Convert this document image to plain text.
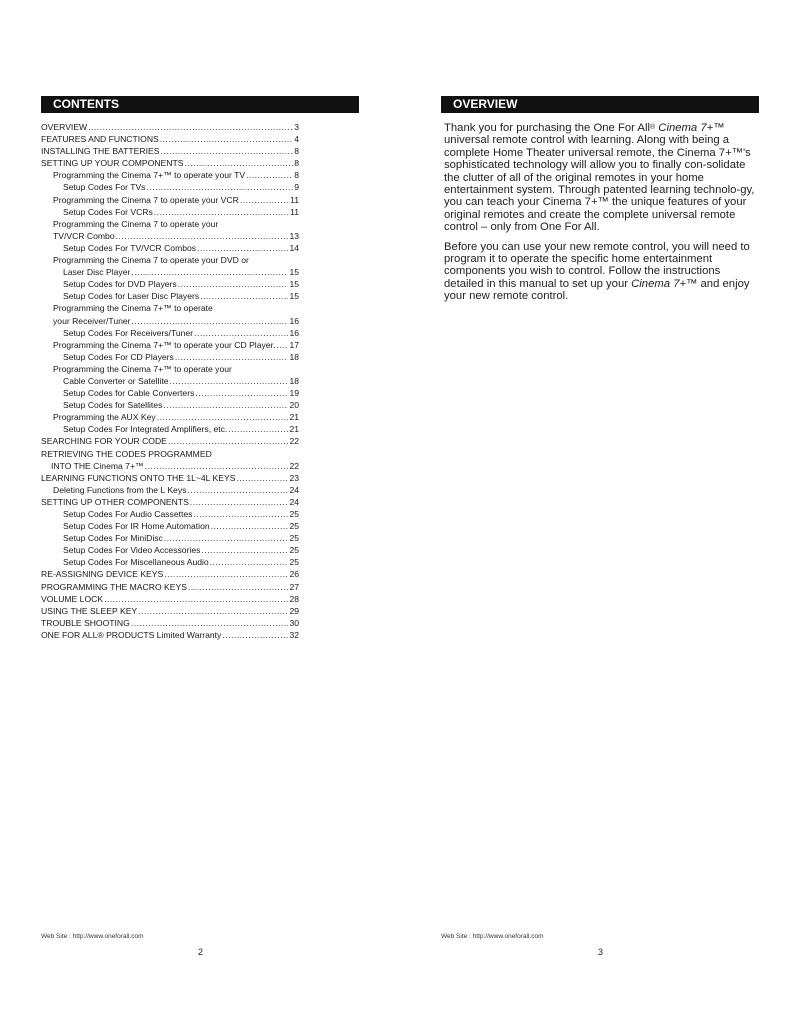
CONTENTS
OVERVIEW .....	3
FEATURES AND FUNCTIONS .....	4
INSTALLING THE BATTERIES .....	8
SETTING UP YOUR COMPONENTS .....	8
Programming the Cinema 7+™ to operate your TV .....	8
Setup Codes For TVs .....	9
Programming the Cinema 7 to operate your VCR .....	11
Setup Codes For VCRs .....	11
Programming the Cinema 7 to operate your
TV/VCR Combo .....	13
Setup Codes For TV/VCR Combos .....	14
Programming the Cinema 7 to operate your DVD or
Laser Disc Player .....	15
Setup Codes for DVD Players .....	15
Setup Codes for Laser Disc Players .....	15
Programming the Cinema 7+™ to operate
your Receiver/Tuner .....	16
Setup Codes For Receivers/Tuner .....	16
Programming the Cinema 7+™ to operate your CD Player. ..... 17
Setup Codes For CD Players .....	18
Programming the Cinema 7+™ to operate your
Cable Converter or Satellite .....	18
Setup Codes for Cable Converters .....	19
Setup Codes for Satellites .....	20
Programming the AUX Key .....	21
Setup Codes For Integrated Amplifiers, etc. .....	21
SEARCHING FOR YOUR CODE .....	22
RETRIEVING THE CODES PROGRAMMED
INTO THE Cinema 7+™ .....	22
LEARNING FUNCTIONS ONTO THE 1L~4L KEYS .....	23
Deleting Functions from the L Keys .....	24
SETTING UP OTHER COMPONENTS .....	24
Setup Codes For Audio Cassettes .....	25
Setup Codes For IR Home Automation .....	25
Setup Codes For MiniDisc .....	25
Setup Codes For Video Accessories .....	25
Setup Codes For Miscellaneous Audio .....	25
RE-ASSIGNING DEVICE KEYS .....	26
PROGRAMMING THE MACRO KEYS .....	27
VOLUME LOCK .....	28
USING THE SLEEP KEY .....	29
TROUBLE SHOOTING .....	30
ONE FOR ALL® PRODUCTS Limited Warranty .....	32
Web Site : http://www.oneforall.com
2
OVERVIEW

Thank you for purchasing the One For All® Cinema 7+™ universal remote control with learning. Along with being a complete Home Theater universal remote, the Cinema 7+™'s sophisticated technology will allow you to finally con-solidate the clutter of all of the original remotes in your home entertainment system. Through patented learning technolo-gy, you can teach your Cinema 7+™ the unique features of your original remotes and create the complete universal remote control – only from One For All.

Before you can use your new remote control, you will need to program it to operate the specific home entertainment components you wish to control. Follow the instructions detailed in this manual to set up your Cinema 7+™ and enjoy your new remote control.

Web Site : http://www.oneforall.com
3
